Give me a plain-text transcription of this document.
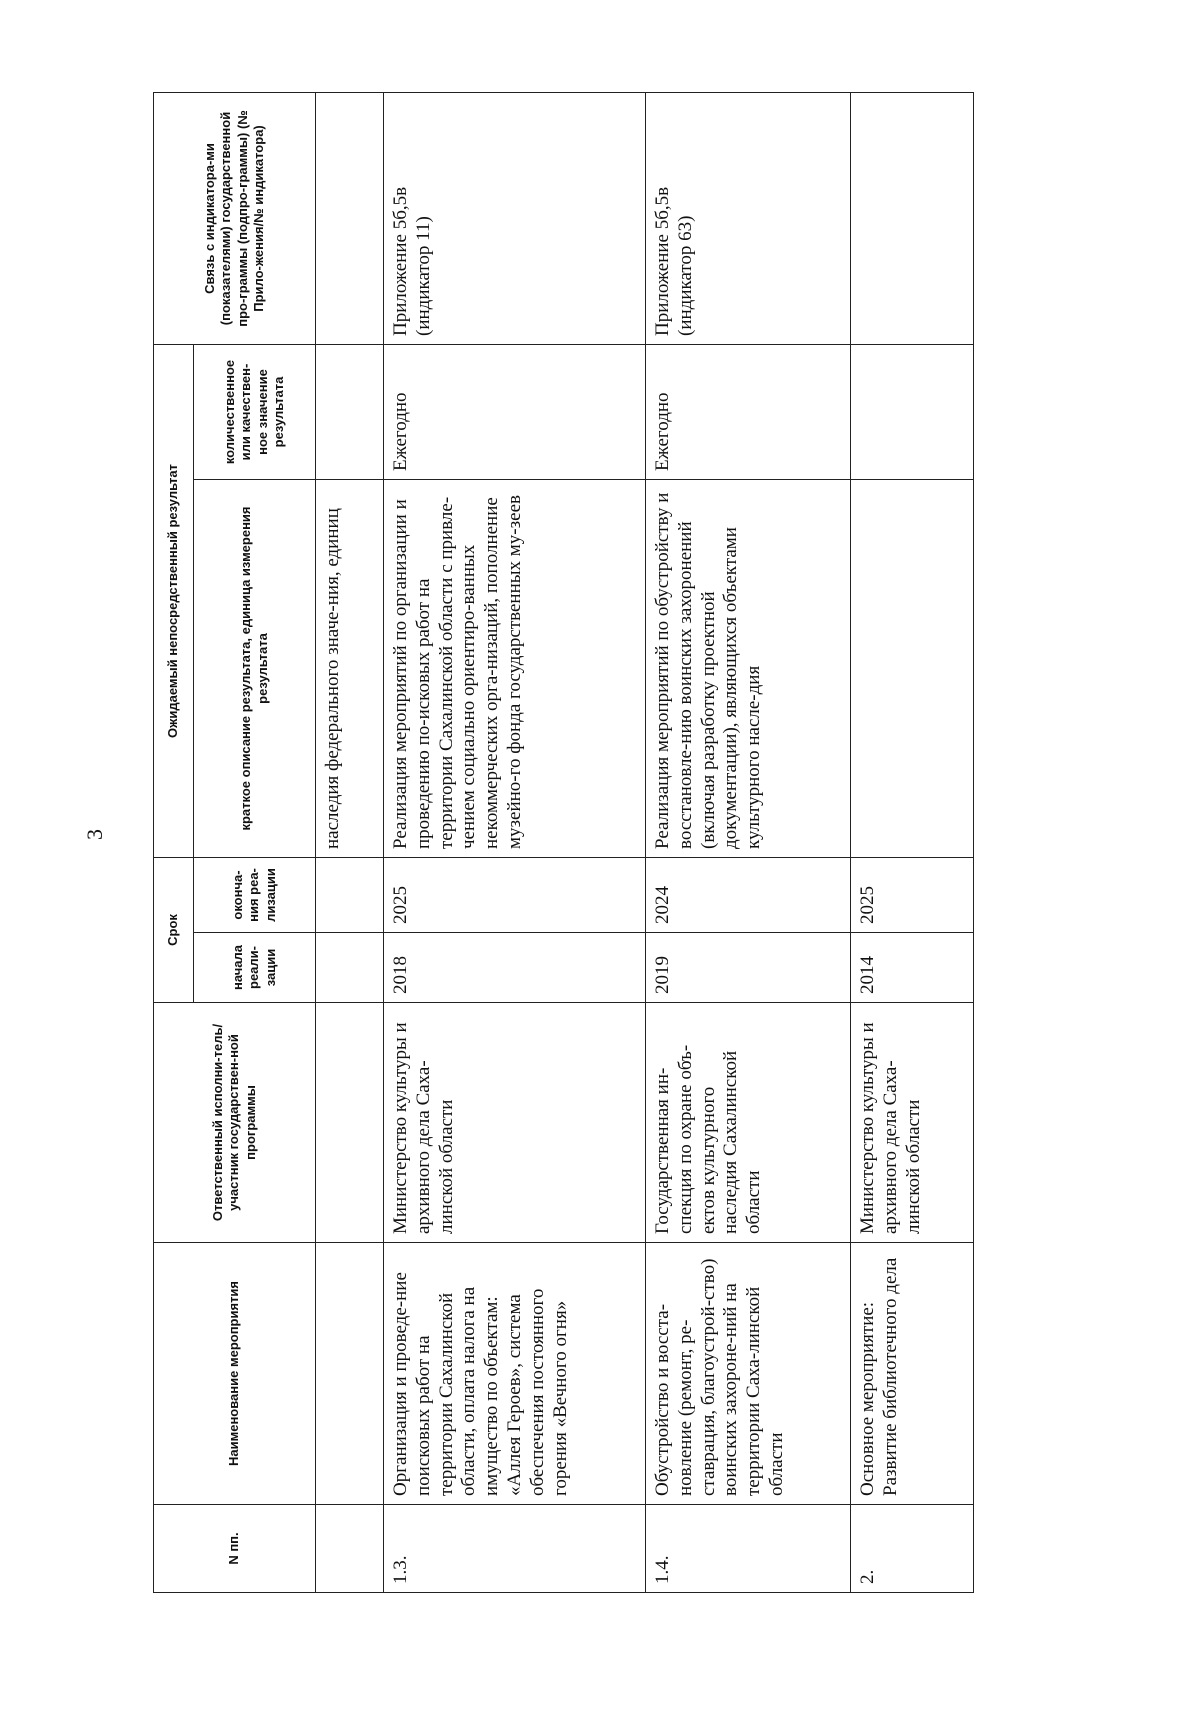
3
N пп.	Наименование мероприятия	Ответственный исполни-тель/участник государствен-ной программы	Срок		Ожидаемый непосредственный результат		Связь с индикатора-ми (показателями) государственной про-граммы (подпро-граммы) (№ Прило-жения/№ индикатора)
			начала реали-зации	оконча-ния реа-лизации	краткое описание результата, единица измерения результата	количественное или качествен-ное значение результата	
					наследия федерального значе-ния, единиц		
1.3.	Организация и проведе-ние поисковых работ на территории Сахалинской области, оплата налога на имущество по объектам: «Аллея Героев», система обеспечения постоянного горения «Вечного огня»	Министерство культуры и архивного дела Саха-линской области	2018	2025	Реализация мероприятий по организации и проведению по-исковых работ на территории Сахалинской области с привле-чением социально ориентиро-ванных некоммерческих орга-низаций, пополнение музейно-го фонда государственных му-зеев	Ежегодно	Приложение 5б,5в (индикатор 11)
1.4.	Обустройство и восста-новление (ремонт, ре-ставрация, благоустрой-ство) воинских захороне-ний на территории Саха-линской области	Государственная ин-спекция по охране объ-ектов культурного наследия Сахалинской области	2019	2024	Реализация мероприятий по обустройству и восстановле-нию воинских захоронений (включая разработку проектной документации), являющихся объектами культурного насле-дия	Ежегодно	Приложение 5б,5в (индикатор 63)
2.	Основное мероприятие: Развитие библиотечного дела	Министерство культуры и архивного дела Саха-линской области	2014	2025			
